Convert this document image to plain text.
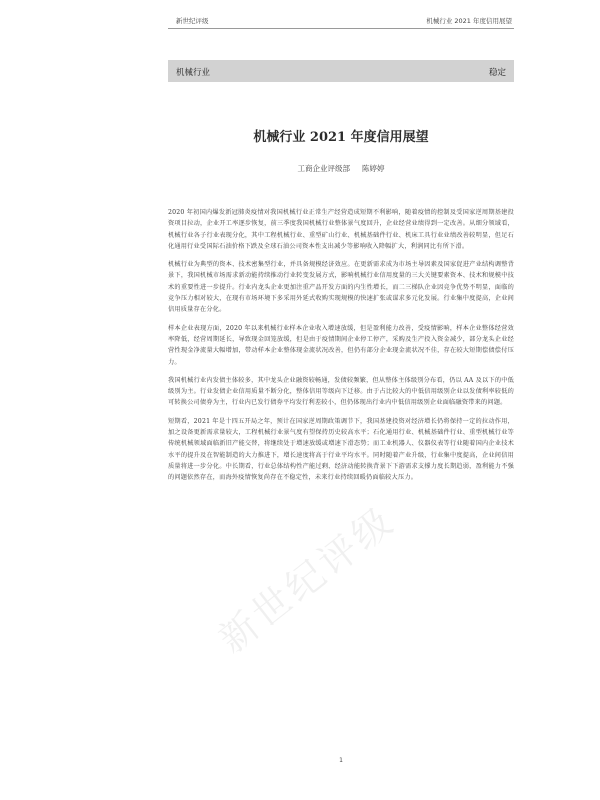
新世纪评级	机械行业 2021 年度信用展望
机械行业	稳定
机械行业 2021 年度信用展望
工商企业评级部 陈婷婷

2020 年初国内爆发新冠肺炎疫情对我国机械行业正常生产经营造成短期不利影响，随着疫情的控制及受国家逆周期基建投资项目拉动，企业开工率逐步恢复，前三季度我国机械行业整体景气度回升，企业经营业绩得到一定改善。从细分领域看，机械行业各子行业表现分化，其中工程机械行业、重型矿山行业、机械基础件行业、机床工具行业业绩改善较明显，但足石化通用行业受国际石油价格下跌及全球石油公司资本性支出减少等影响收入降幅扩大，利润同比有所下滑。

机械行业为典型的资本、技术密集型行业，并具备规模经济效应。在更新需求成为市场主导因素及国家促进产业结构调整背景下，我国机械市场需求新动能持续推动行业转变发展方式，影响机械行业信用度量的三大关键要素资本、技术和规模中技术的重要性进一步提升。行业内龙头企业更加注重产品开发方面的内生性增长，而二三梯队企业因竞争优势不明显，面临的竞争压力相对较大，在现有市场环境下多采用外延式收购实现规模的快速扩张或谋求多元化发展。行业集中度提高，企业间信用质量存在分化。

样本企业表现方面，2020 年以来机械行业样本企业收入增速放缓，但是盈利能力改善，受疫情影响，样本企业整体经营效率降低，经营周期延长，导致现金回笼放缓，但是由于疫情期间企业停工停产，采购及生产投入资金减少，部分龙头企业经营性现金净流量大幅增加，带动样本企业整体现金流状况改善，但仍有部分企业现金流状况不佳，存在较大短期偿债偿付压力。

我国机械行业内发债主体较多，其中龙头企业融资较畅通，发债较频繁，但从整体主体级别分布看，仍以 AA 及以下的中低级别为主。行业发债企业信用质量不断分化，整体信用等级向下迁移。由于占比较大的中低信用级别企业以发债利率较低的可转换公司债券为主，行业内已发行债券平均发行利差较小，但仍体现出行业内中低信用级别企业面临融资带来的问题。

短期看，2021 年是十四五开局之年，预计在国家逆周期政策调节下，我国基建投资对经济增长仍将保持一定的拉动作用，加之设备更新需求量较大，工程机械行业景气度有望保持历史较高水平；石化通用行业、机械基础件行业、重型机械行业等传统机械领域面临新旧产能交替，将继续处于增速放缓或增速下滑态势；而工业机器人、仪器仪表等行业随着国内企业技术水平的提升及在智能制造的大力推进下，增长速度将高于行业平均水平。同时随着产业升级，行业集中度提高，企业间信用质量将进一步分化。中长期看，行业总体结构性产能过剩、经济动能转换背景下下游需求支撑力度长期趋弱，盈利能力不强的问题依然存在，而海外疫情恢复尚存在不稳定性，未来行业持续回暖仍面临较大压力。

新世纪评级
1
